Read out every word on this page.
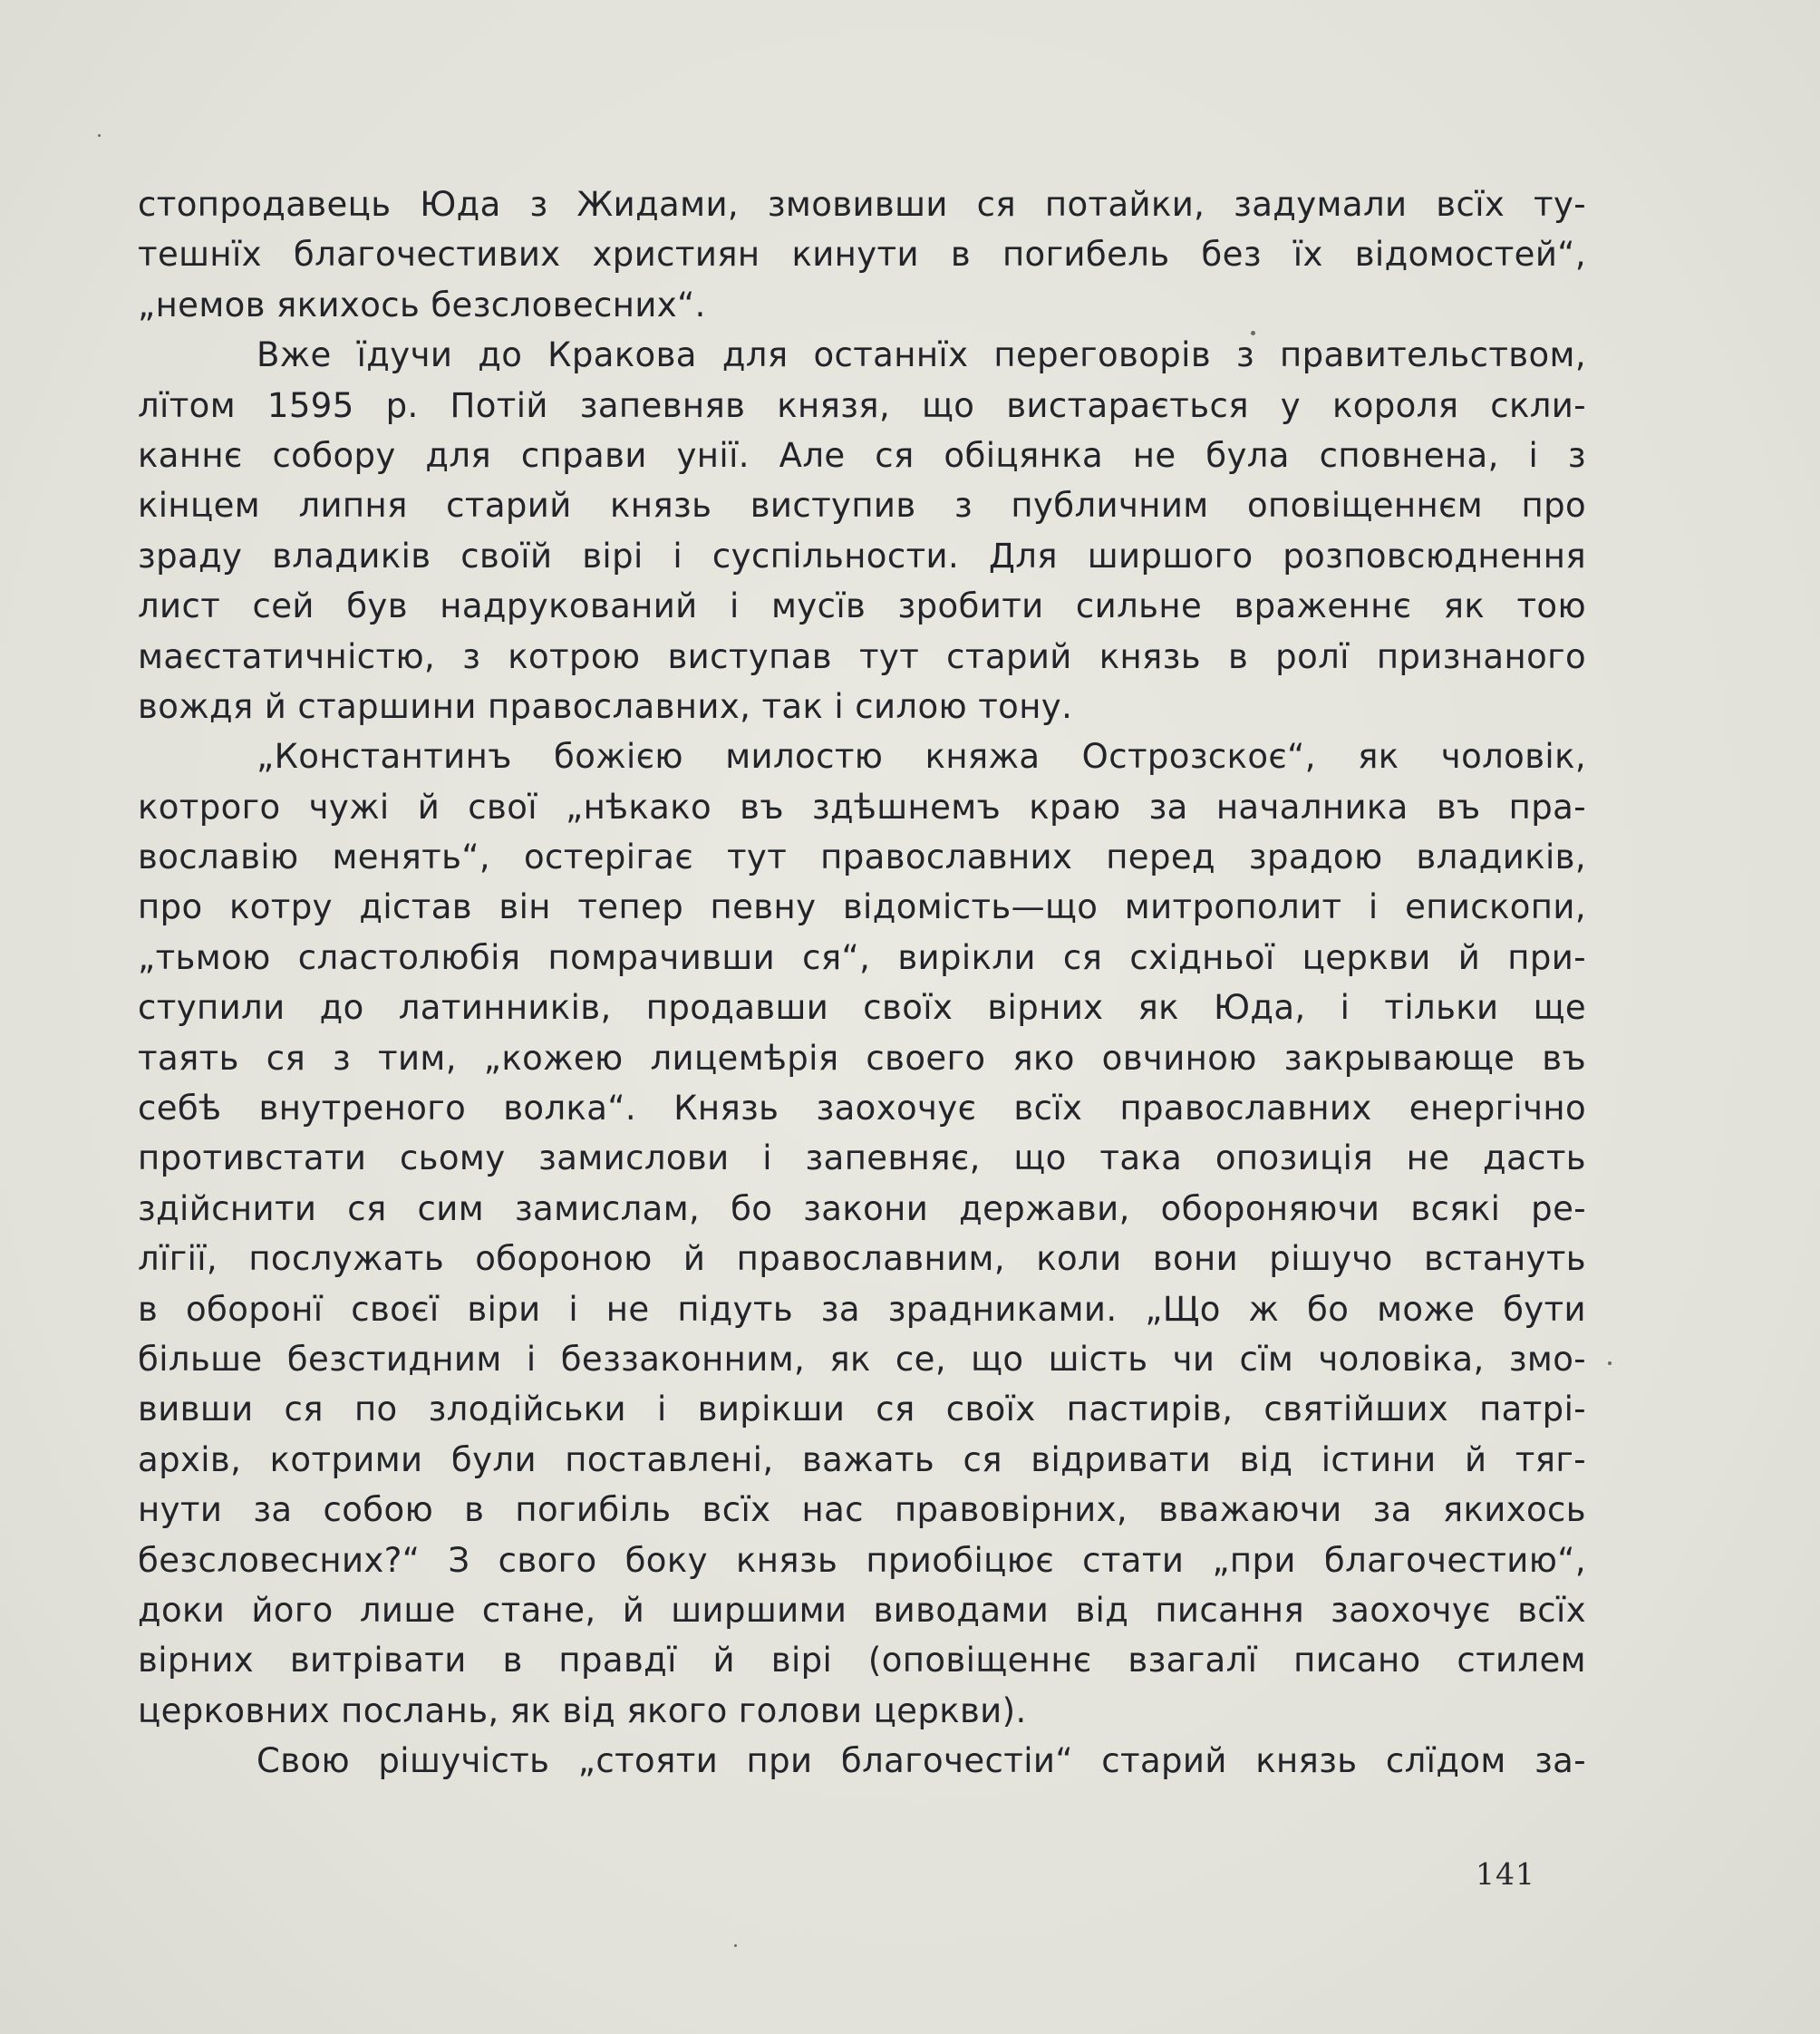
стопродавець Юда з Жидами, змовивши ся потайки, задумали всїх ту-
тешнїх благочестивих християн кинути в погибель без їх відомостей“,
„немов якихось безсловесних“.
Вже їдучи до Кракова для останнїх переговорів з правительством,
лїтом 1595 р. Потій запевняв князя, що вистарається у короля скли-
каннє собору для справи унії. Але ся обіцянка не була сповнена, і з
кінцем липня старий князь виступив з публичним оповіщеннєм про
зраду владиків своїй вірі і суспільности. Для ширшого розповсюднення
лист сей був надрукований і мусїв зробити сильне враженнє як тою
маєстатичністю, з котрою виступав тут старий князь в ролї признаного
вождя й старшини православних, так і силою тону.
„Константинъ божією милостю княжа Острозскоє“, як чоловік,
котрого чужі й свої „нѣкако въ здѣшнемъ краю за началника въ пра-
вославію менять“, остерігає тут православних перед зрадою владиків,
про котру дістав він тепер певну відомість—що митрополит і епископи,
„тьмою сластолюбія помрачивши ся“, вирікли ся східньої церкви й при-
ступили до латинників, продавши своїх вірних як Юда, і тільки ще
таять ся з тим, „кожею лицемѣрія своего яко овчиною закрывающе въ
себѣ внутреного волка“. Князь заохочує всїх православних енергічно
противстати сьому замислови і запевняє, що така опозиція не дасть
здійснити ся сим замислам, бо закони держави, обороняючи всякі ре-
лїгії, послужать обороною й православним, коли вони рішучо встануть
в оборонї своєї віри і не підуть за зрадниками. „Що ж бо може бути
більше безстидним і беззаконним, як се, що шість чи сїм чоловіка, змо-
вивши ся по злодійськи і вирікши ся своїх пастирів, святійших патрі-
архів, котрими були поставлені, важать ся відривати від істини й тяг-
нути за собою в погибіль всїх нас правовірних, вважаючи за якихось
безсловесних?“ З свого боку князь приобіцює стати „при благочестию“,
доки його лише стане, й ширшими виводами від писання заохочує всїх
вірних витрівати в правдї й вірі (оповіщеннє взагалї писано стилем
церковних послань, як від якого голови церкви).
Свою рішучість „стояти при благочестіи“ старий князь слїдом за-
141
